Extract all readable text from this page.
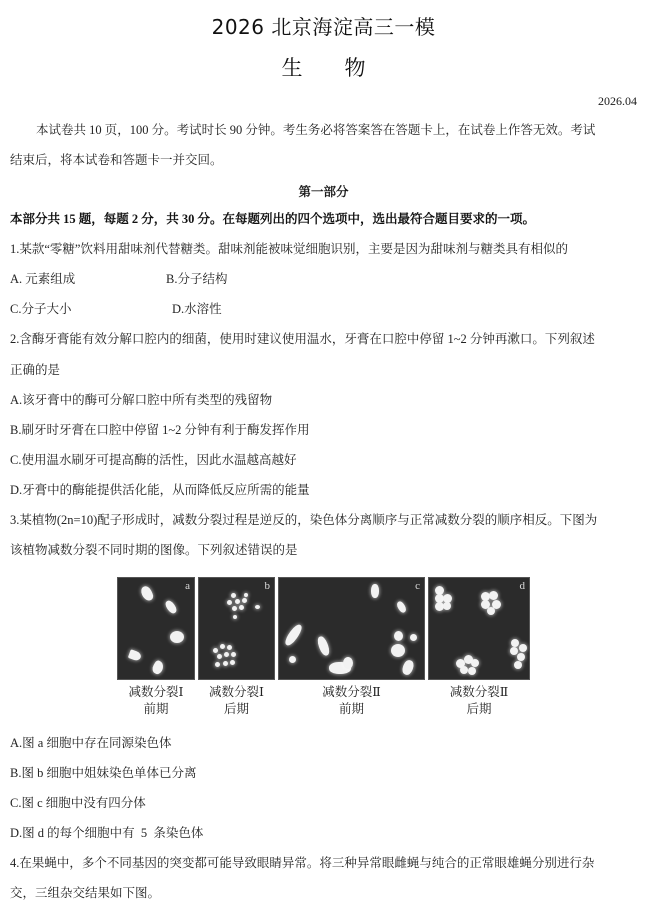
2026 北京海淀高三一模
生 物
2026.04
本试卷共 10 页，100 分。考试时长 90 分钟。考生务必将答案答在答题卡上，在试卷上作答无效。考试
结束后，将本试卷和答题卡一并交回。
第一部分
本部分共 15 题，每题 2 分，共 30 分。在每题列出的四个选项中，选出最符合题目要求的一项。
1.某款“零糖”饮料用甜味剂代替糖类。甜味剂能被味觉细胞识别，主要是因为甜味剂与糖类具有相似的
A. 元素组成	B.分子结构
C.分子大小	D.水溶性
2.含酶牙膏能有效分解口腔内的细菌，使用时建议使用温水，牙膏在口腔中停留 1~2 分钟再漱口。下列叙述
正确的是
A.该牙膏中的酶可分解口腔中所有类型的残留物
B.刷牙时牙膏在口腔中停留 1~2 分钟有利于酶发挥作用
C.使用温水刷牙可提高酶的活性，因此水温越高越好
D.牙膏中的酶能提供活化能，从而降低反应所需的能量
3.某植物(2n=10)配子形成时，减数分裂过程是逆反的，染色体分离顺序与正常减数分裂的顺序相反。下图为
该植物减数分裂不同时期的图像。下列叙述错误的是
a	b	c	d
减数分裂Ⅰ
前期
减数分裂Ⅰ
后期
减数分裂Ⅱ
前期
减数分裂Ⅱ
后期
A.图 a 细胞中存在同源染色体
B.图 b 细胞中姐妹染色单体已分离
C.图 c 细胞中没有四分体
D.图 d 的每个细胞中有  5  条染色体
4.在果蝇中，多个不同基因的突变都可能导致眼睛异常。将三种异常眼雌蝇与纯合的正常眼雄蝇分别进行杂
交，三组杂交结果如下图。
